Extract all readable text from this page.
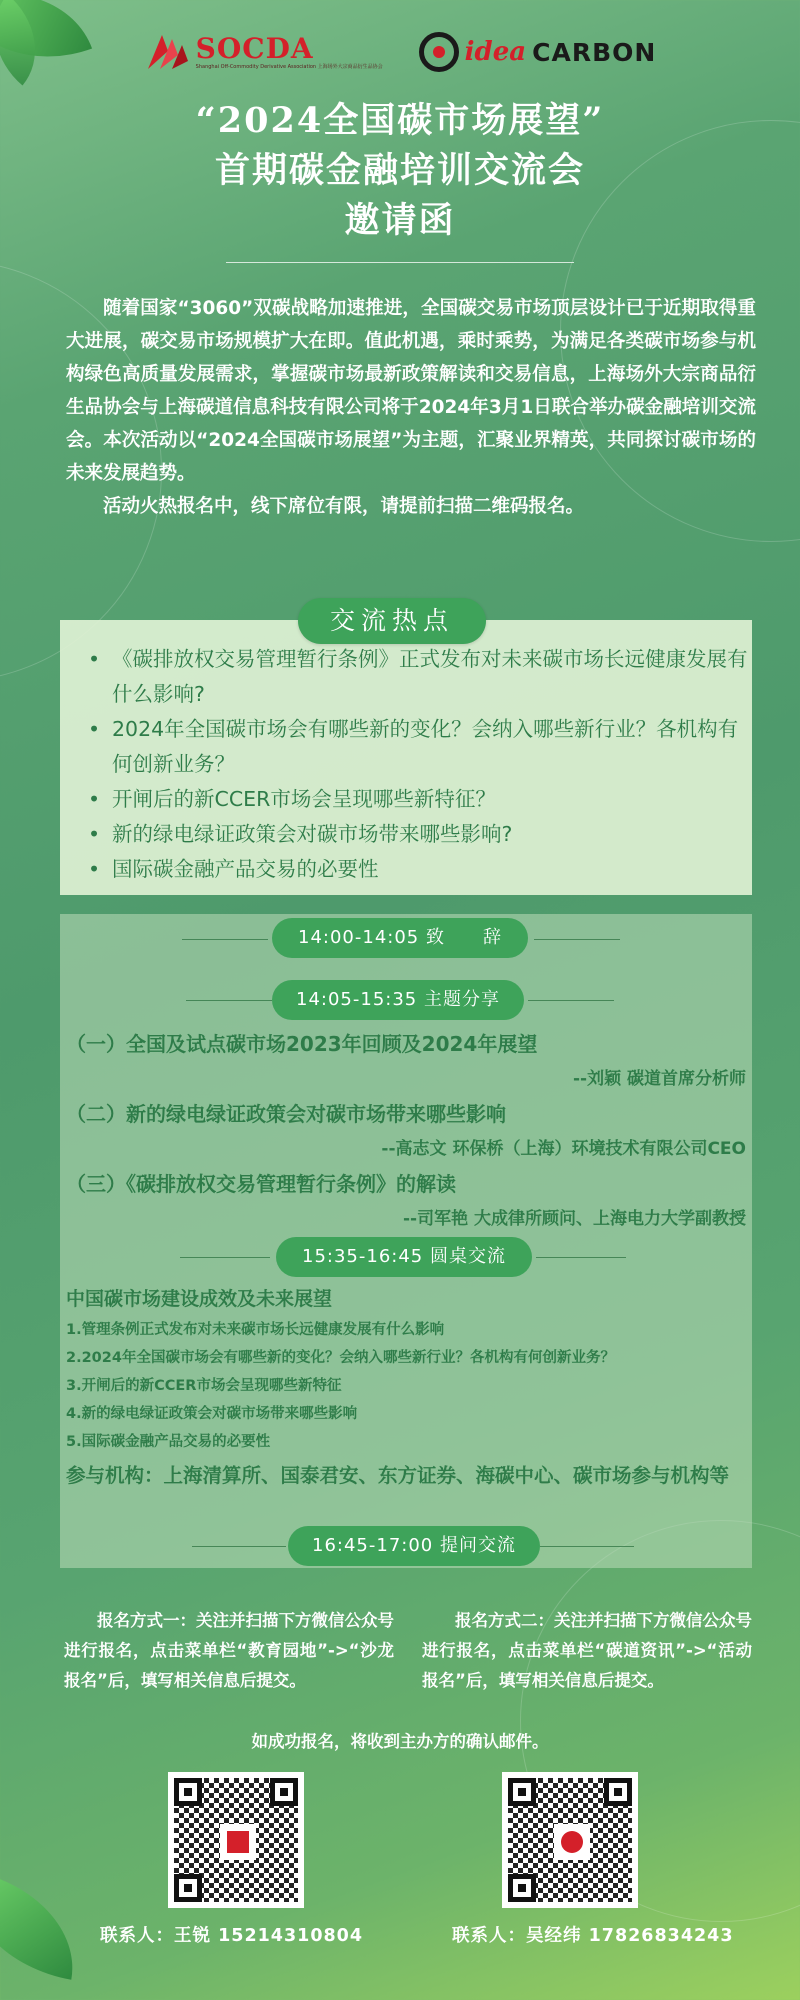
SOCDA
Shanghai Off-Commodity Derivative Association 上海场外大宗商品衍生品协会	idea CARBON
“2024全国碳市场展望”
首期碳金融培训交流会
邀请函

随着国家“3060”双碳战略加速推进，全国碳交易市场顶层设计已于近期取得重大进展，碳交易市场规模扩大在即。值此机遇，乘时乘势，为满足各类碳市场参与机构绿色高质量发展需求，掌握碳市场最新政策解读和交易信息，上海场外大宗商品衍生品协会与上海碳道信息科技有限公司将于2024年3月1日联合举办碳金融培训交流会。本次活动以“2024全国碳市场展望”为主题，汇聚业界精英，共同探讨碳市场的未来发展趋势。

活动火热报名中，线下席位有限，请提前扫描二维码报名。

交流热点
• 《碳排放权交易管理暂行条例》正式发布对未来碳市场长远健康发展有什么影响?
• 2024年全国碳市场会有哪些新的变化？会纳入哪些新行业？各机构有何创新业务？
• 开闸后的新CCER市场会呈现哪些新特征？
• 新的绿电绿证政策会对碳市场带来哪些影响?
• 国际碳金融产品交易的必要性
14:00-14:05 致　　辞
14:05-15:35 主题分享
（一）全国及试点碳市场2023年回顾及2024年展望
--刘颖 碳道首席分析师
（二）新的绿电绿证政策会对碳市场带来哪些影响
--高志文 环保桥（上海）环境技术有限公司CEO
（三）《碳排放权交易管理暂行条例》的解读
--司军艳 大成律所顾问、上海电力大学副教授
15:35-16:45 圆桌交流
中国碳市场建设成效及未来展望
1.管理条例正式发布对未来碳市场长远健康发展有什么影响
2.2024年全国碳市场会有哪些新的变化？会纳入哪些新行业？各机构有何创新业务？
3.开闸后的新CCER市场会呈现哪些新特征
4.新的绿电绿证政策会对碳市场带来哪些影响
5.国际碳金融产品交易的必要性
参与机构：上海清算所、国泰君安、东方证券、海碳中心、碳市场参与机构等
16:45-17:00 提问交流

报名方式一：关注并扫描下方微信公众号进行报名，点击菜单栏“教育园地”->“沙龙报名”后，填写相关信息后提交。

报名方式二：关注并扫描下方微信公众号进行报名，点击菜单栏“碳道资讯”->“活动报名”后，填写相关信息后提交。

如成功报名，将收到主办方的确认邮件。
联系人：王锐 15214310804	联系人：吴经纬 17826834243
